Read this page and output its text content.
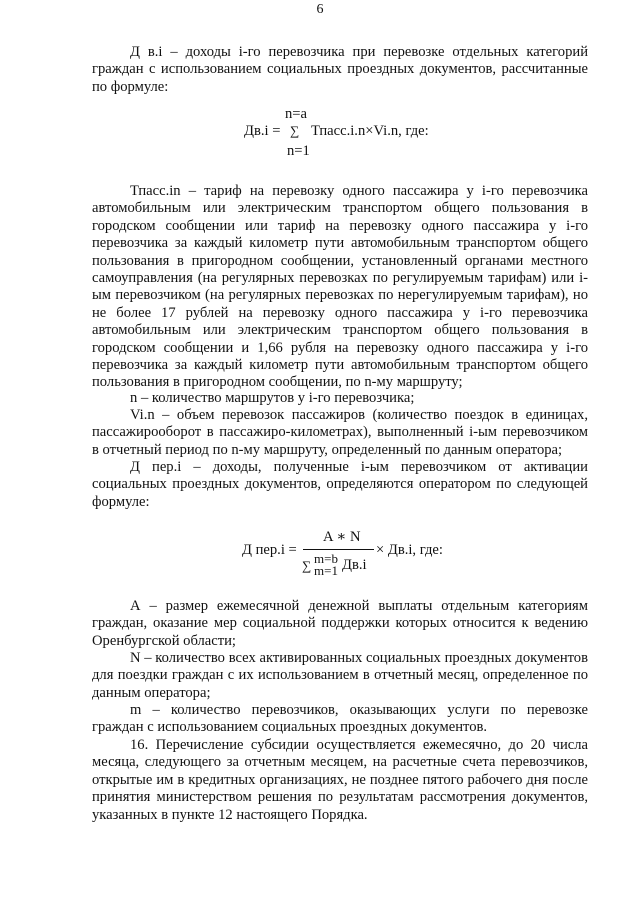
6
Д в.i – доходы i-го перевозчика при перевозке отдельных категорий граждан с использованием социальных проездных документов, рассчитанные по формуле:
n=a
Дв.i = ∑ Тпасс.i.n×Vi.n, где:
n=1
Тпасс.in – тариф на перевозку одного пассажира у i-го перевозчика автомобильным или электрическим транспортом общего пользования в городском сообщении или тариф на перевозку одного пассажира у i-го перевозчика за каждый километр пути автомобильным транспортом общего пользования в пригородном сообщении, установленный органами местного самоуправления (на регулярных перевозках по регулируемым тарифам) или i-ым перевозчиком (на регулярных перевозках по нерегулируемым тарифам), но не более 17 рублей на перевозку одного пассажира у i-го перевозчика автомобильным или электрическим транспортом общего пользования в городском сообщении и 1,66 рубля на перевозку одного пассажира у i-го перевозчика за каждый километр пути автомобильным транспортом общего пользования в пригородном сообщении, по n-му маршруту;
n – количество маршрутов у i-го перевозчика;
Vi.n – объем перевозок пассажиров (количество поездок в единицах, пассажирооборот в пассажиро-километрах), выполненный i-ым перевозчиком в отчетный период по n-му маршруту, определенный по данным оператора;
Д пер.i – доходы, полученные i-ым перевозчиком от активации социальных проездных документов, определяются оператором по следующей формуле:
Д пер.i =
A ∗ N
∑ m=b
m=1 Дв.i
× Дв.i, где:
А – размер ежемесячной денежной выплаты отдельным категориям граждан, оказание мер социальной поддержки которых относится к ведению Оренбургской области;
N – количество всех активированных социальных проездных документов для поездки граждан с их использованием в отчетный месяц, определенное по данным оператора;
m – количество перевозчиков, оказывающих услуги по перевозке граждан с использованием социальных проездных документов.
16. Перечисление субсидии осуществляется ежемесячно, до 20 числа месяца, следующего за отчетным месяцем, на расчетные счета перевозчиков, открытые им в кредитных организациях, не позднее пятого рабочего дня после принятия министерством решения по результатам рассмотрения документов, указанных в пункте 12 настоящего Порядка.
